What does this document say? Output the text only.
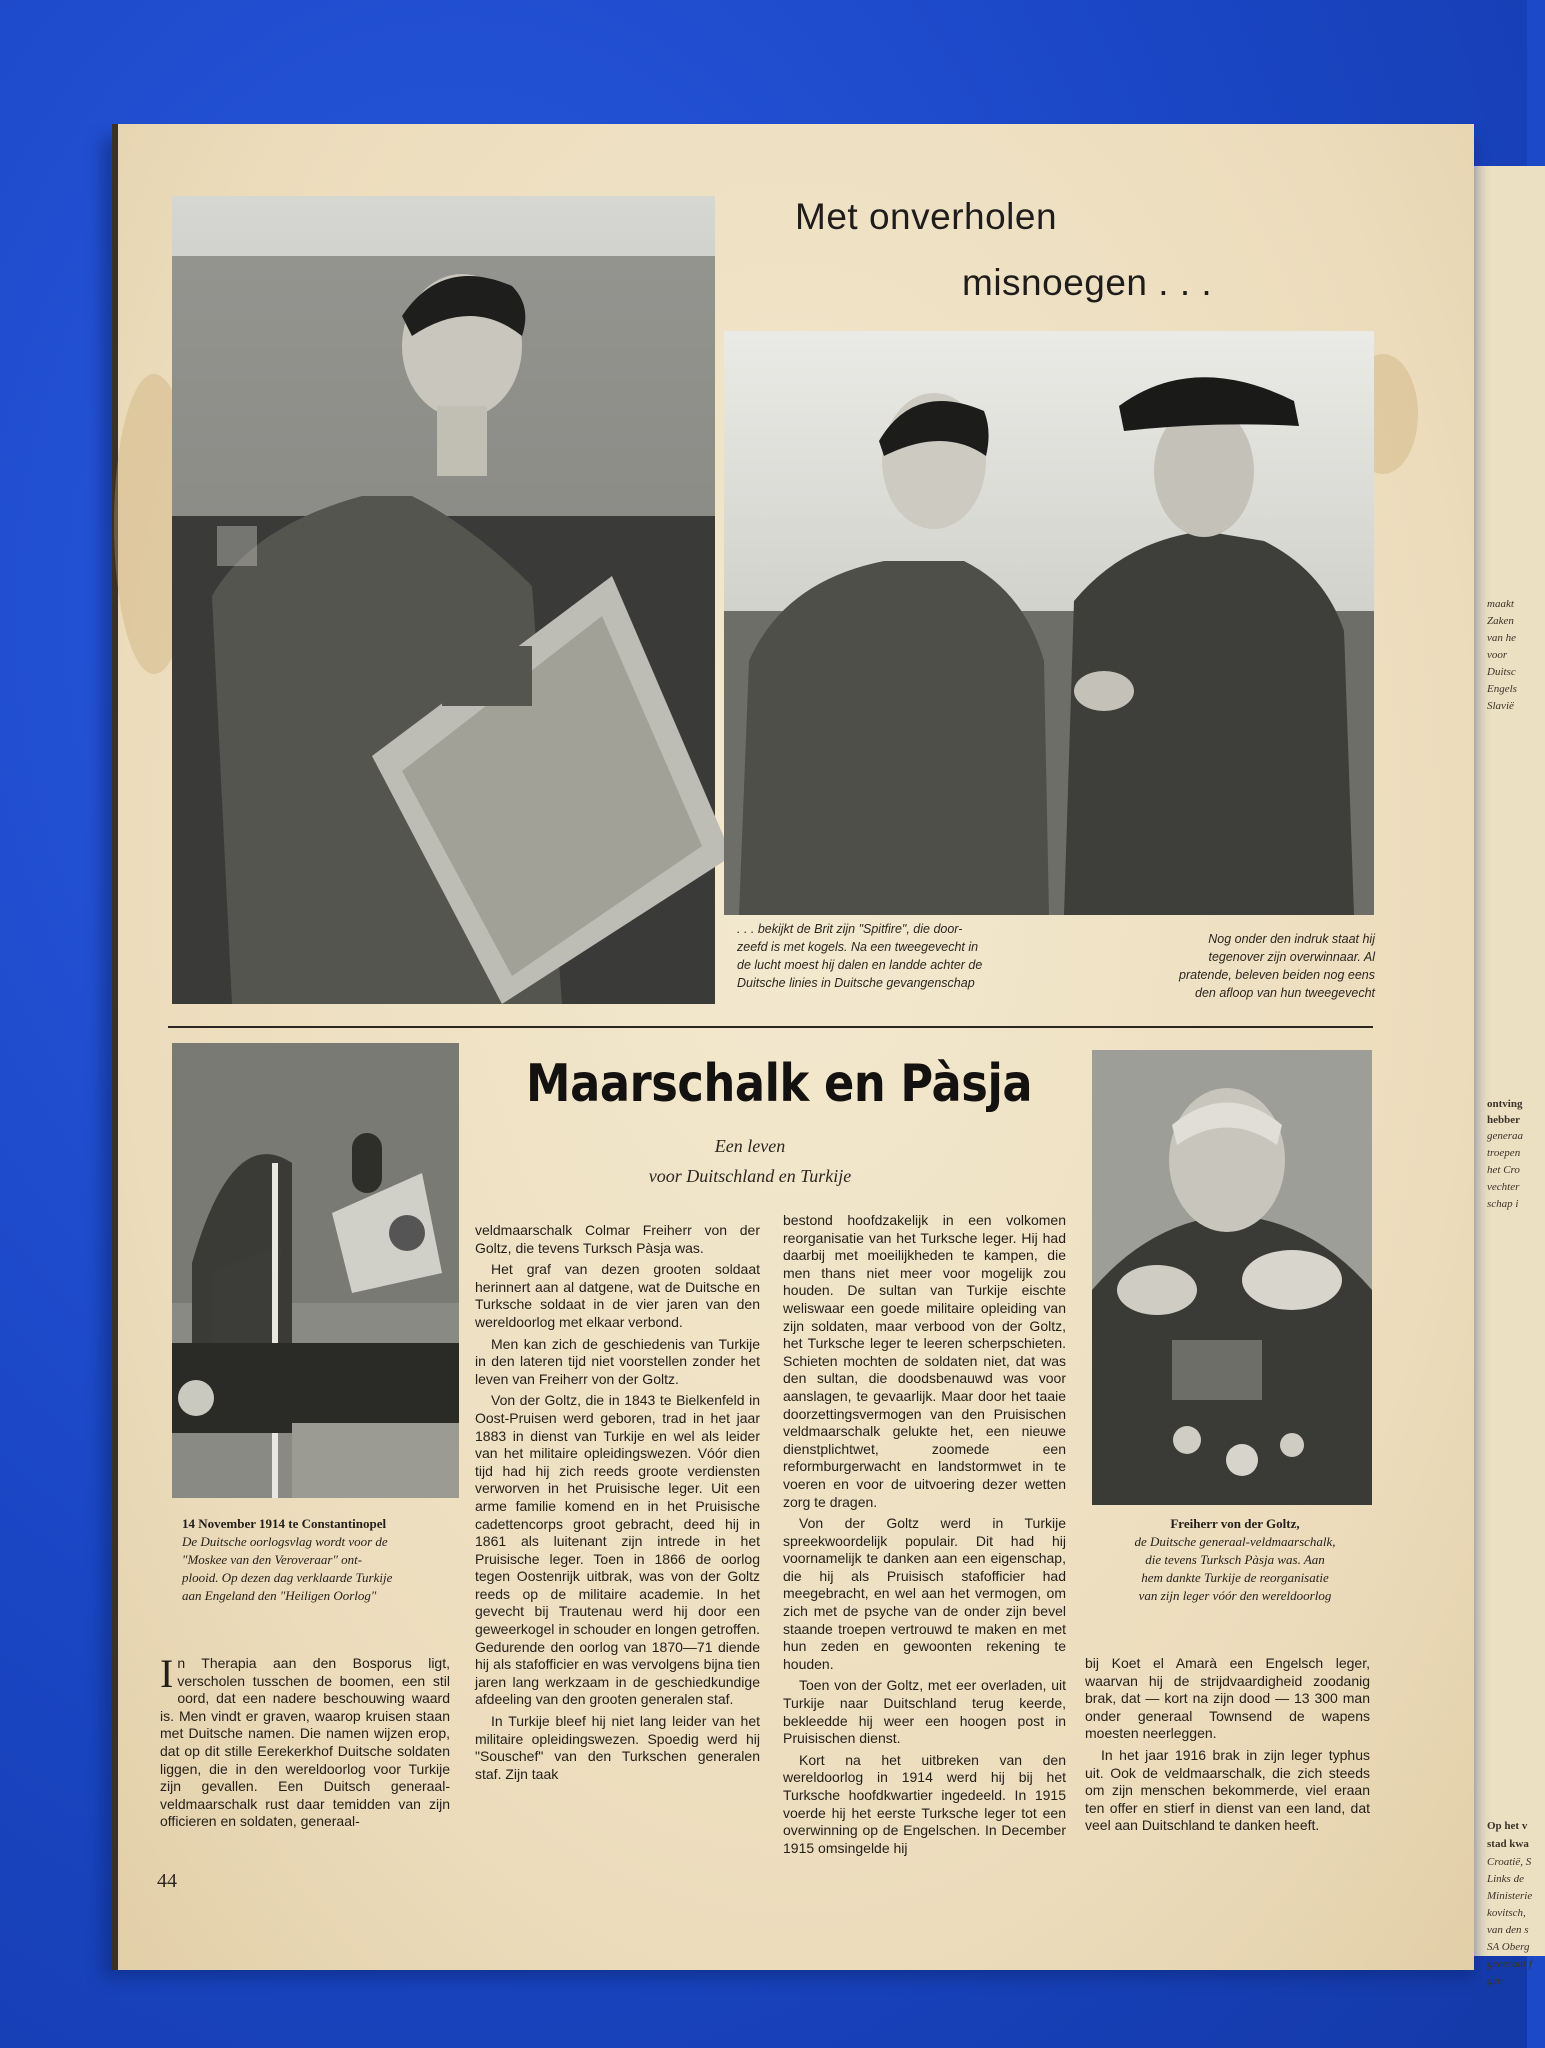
maakt
Zaken
van he
voor
Duitsc
Engels
Slavië
ontving
hebber
generaa
troepen
het Cro
vechter
schap i
Op het v
stad kwa
Croatië, S
Links de
Ministerie
kovitsch,
van den s
SA Oberg
generaal f
gen
Met onverholen
misnoegen . . .
. . . bekijkt de Brit zijn "Spitfire", die door-
zeefd is met kogels. Na een tweegevecht in
de lucht moest hij dalen en landde achter de
Duitsche linies in Duitsche gevangenschap
Nog onder den indruk staat hij
tegenover zijn overwinnaar. Al
pratende, beleven beiden nog eens
den afloop van hun tweegevecht
14 November 1914 te Constantinopel
De Duitsche oorlogsvlag wordt voor de
"Moskee van den Veroveraar" ont-
plooid. Op dezen dag verklaarde Turkije
aan Engeland den "Heiligen Oorlog"
Maarschalk en Pàsja
Een leven
voor Duitschland en Turkije
Freiherr von der Goltz,
de Duitsche generaal-veldmaarschalk,
die tevens Turksch Pàsja was. Aan
hem dankte Turkije de reorganisatie
van zijn leger vóór den wereldoorlog

In Therapia aan den Bosporus ligt, verscholen tusschen de boomen, een stil oord, dat een nadere beschouwing waard is. Men vindt er graven, waarop kruisen staan met Duitsche namen. Die namen wijzen erop, dat op dit stille Eerekerkhof Duitsche soldaten liggen, die in den wereldoorlog voor Turkije zijn gevallen. Een Duitsch generaal-veldmaarschalk rust daar temidden van zijn officieren en soldaten, generaal-

veldmaarschalk Colmar Freiherr von der Goltz, die tevens Turksch Pàsja was.

Het graf van dezen grooten soldaat herinnert aan al datgene, wat de Duitsche en Turksche soldaat in de vier jaren van den wereldoorlog met elkaar verbond.

Men kan zich de geschiedenis van Turkije in den lateren tijd niet voorstellen zonder het leven van Freiherr von der Goltz.

Von der Goltz, die in 1843 te Bielkenfeld in Oost-Pruisen werd geboren, trad in het jaar 1883 in dienst van Turkije en wel als leider van het militaire opleidingswezen. Vóór dien tijd had hij zich reeds groote verdiensten verworven in het Pruisische leger. Uit een arme familie komend en in het Pruisische cadettencorps groot gebracht, deed hij in 1861 als luitenant zijn intrede in het Pruisische leger. Toen in 1866 de oorlog tegen Oostenrijk uitbrak, was von der Goltz reeds op de militaire academie. In het gevecht bij Trautenau werd hij door een geweerkogel in schouder en longen getroffen. Gedurende den oorlog van 1870—71 diende hij als stafofficier en was vervolgens bijna tien jaren lang werkzaam in de geschiedkundige afdeeling van den grooten generalen staf.

In Turkije bleef hij niet lang leider van het militaire opleidingswezen. Spoedig werd hij "Souschef" van den Turkschen generalen staf. Zijn taak

bestond hoofdzakelijk in een volkomen reorganisatie van het Turksche leger. Hij had daarbij met moeilijkheden te kampen, die men thans niet meer voor mogelijk zou houden. De sultan van Turkije eischte weliswaar een goede militaire opleiding van zijn soldaten, maar verbood von der Goltz, het Turksche leger te leeren scherpschieten. Schieten mochten de soldaten niet, dat was den sultan, die doodsbenauwd was voor aanslagen, te gevaarlijk. Maar door het taaie doorzettingsvermogen van den Pruisischen veldmaarschalk gelukte het, een nieuwe dienstplichtwet, zoomede een reformburgerwacht en landstormwet in te voeren en voor de uitvoering dezer wetten zorg te dragen.

Von der Goltz werd in Turkije spreekwoordelijk populair. Dit had hij voornamelijk te danken aan een eigenschap, die hij als Pruisisch stafofficier had meegebracht, en wel aan het vermogen, om zich met de psyche van de onder zijn bevel staande troepen vertrouwd te maken en met hun zeden en gewoonten rekening te houden.

Toen von der Goltz, met eer overladen, uit Turkije naar Duitschland terug keerde, bekleedde hij weer een hoogen post in Pruisischen dienst.

Kort na het uitbreken van den wereldoorlog in 1914 werd hij bij het Turksche hoofdkwartier ingedeeld. In 1915 voerde hij het eerste Turksche leger tot een overwinning op de Engelschen. In December 1915 omsingelde hij

bij Koet el Amarà een Engelsch leger, waarvan hij de strijdvaardigheid zoodanig brak, dat — kort na zijn dood — 13 300 man onder generaal Townsend de wapens moesten neerleggen.

In het jaar 1916 brak in zijn leger typhus uit. Ook de veldmaarschalk, die zich steeds om zijn menschen bekommerde, viel eraan ten offer en stierf in dienst van een land, dat veel aan Duitschland te danken heeft.

44
